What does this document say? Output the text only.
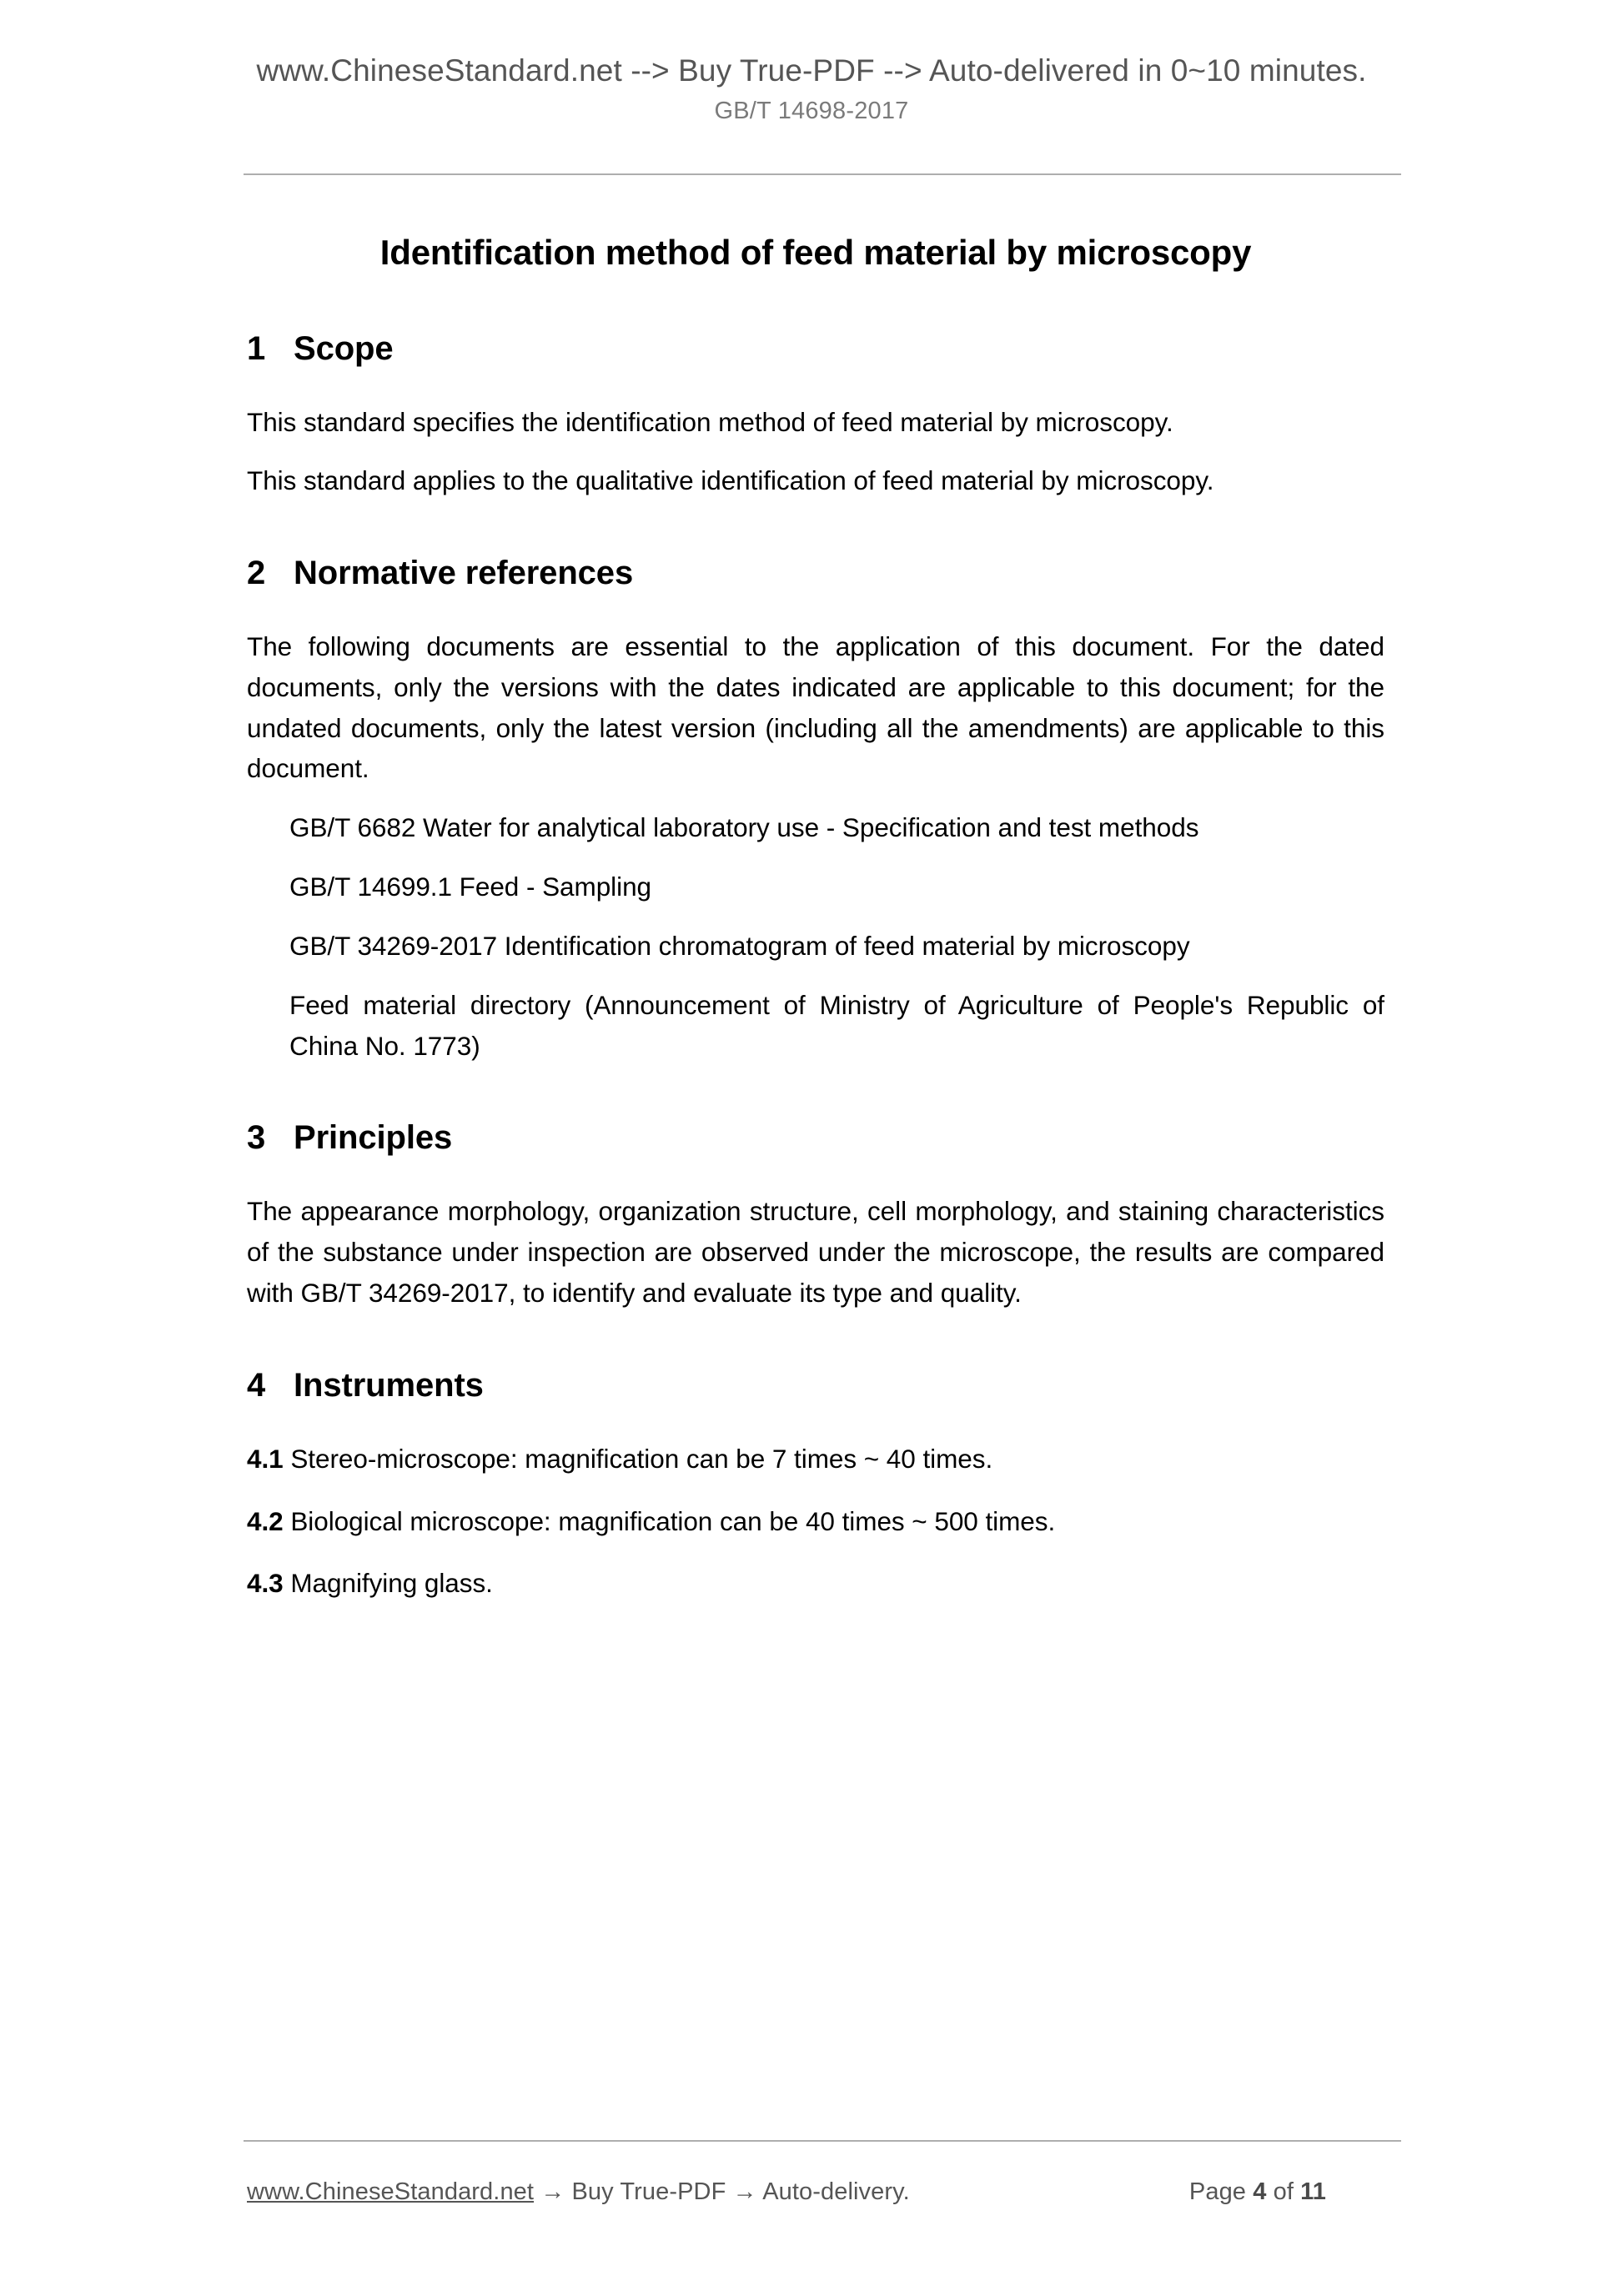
www.ChineseStandard.net --> Buy True-PDF --> Auto-delivered in 0~10 minutes.
GB/T 14698-2017
Identification method of feed material by microscopy
1 Scope

This standard specifies the identification method of feed material by microscopy.

This standard applies to the qualitative identification of feed material by microscopy.

2 Normative references

The following documents are essential to the application of this document. For the dated documents, only the versions with the dates indicated are applicable to this document; for the undated documents, only the latest version (including all the amendments) are applicable to this document.

GB/T 6682 Water for analytical laboratory use - Specification and test methods

GB/T 14699.1 Feed - Sampling

GB/T 34269-2017 Identification chromatogram of feed material by microscopy

Feed material directory (Announcement of Ministry of Agriculture of People's Republic of China No. 1773)

3 Principles

The appearance morphology, organization structure, cell morphology, and staining characteristics of the substance under inspection are observed under the microscope, the results are compared with GB/T 34269-2017, to identify and evaluate its type and quality.

4 Instruments

4.1 Stereo-microscope: magnification can be 7 times ~ 40 times.

4.2 Biological microscope: magnification can be 40 times ~ 500 times.

4.3 Magnifying glass.

www.ChineseStandard.net → Buy True-PDF → Auto-delivery.	Page 4 of 11
